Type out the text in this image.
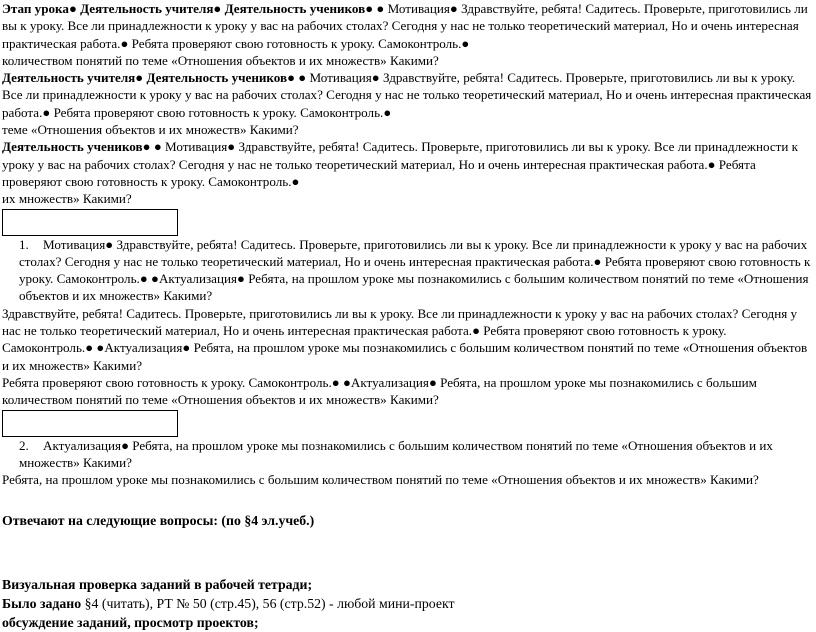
Этап урока● Деятельность учителя● Деятельность учеников● ● Мотивация● Здравствуйте, ребята! Садитесь. Проверьте, приготовились ли вы к уроку. Все ли принадлежности к уроку у вас на рабочих столах? Сегодня у нас не только теоретический материал, Но и очень интересная практическая работа.● Ребята проверяют свою готовность к уроку. Самоконтроль.●
количеством понятий по теме «Отношения объектов и их множеств» Какими?

Деятельность учителя● Деятельность учеников● ● Мотивация● Здравствуйте, ребята! Садитесь. Проверьте, приготовились ли вы к уроку. Все ли принадлежности к уроку у вас на рабочих столах? Сегодня у нас не только теоретический материал, Но и очень интересная практическая работа.● Ребята проверяют свою готовность к уроку. Самоконтроль.●
теме «Отношения объектов и их множеств» Какими?

Деятельность учеников● ● Мотивация● Здравствуйте, ребята! Садитесь. Проверьте, приготовились ли вы к уроку. Все ли принадлежности к уроку у вас на рабочих столах? Сегодня у нас не только теоретический материал, Но и очень интересная практическая работа.● Ребята проверяют свою готовность к уроку. Самоконтроль.●
их множеств» Какими?

1. Мотивация● Здравствуйте, ребята! Садитесь. Проверьте, приготовились ли вы к уроку. Все ли принадлежности к уроку у вас на рабочих столах? Сегодня у нас не только теоретический материал, Но и очень интересная практическая работа.● Ребята проверяют свою готовность к уроку. Самоконтроль.● ●Актуализация● Ребята, на прошлом уроке мы познакомились с большим количеством понятий по теме «Отношения объектов и их множеств» Какими?

Здравствуйте, ребята! Садитесь. Проверьте, приготовились ли вы к уроку. Все ли принадлежности к уроку у вас на рабочих столах? Сегодня у нас не только теоретический материал, Но и очень интересная практическая работа.● Ребята проверяют свою готовность к уроку.
Самоконтроль.● ●Актуализация● Ребята, на прошлом уроке мы познакомились с большим количеством понятий по теме «Отношения объектов и их множеств» Какими?

Ребята проверяют свою готовность к уроку. Самоконтроль.● ●Актуализация● Ребята, на прошлом уроке мы познакомились с большим количеством понятий по теме «Отношения объектов и их множеств» Какими?

2. Актуализация● Ребята, на прошлом уроке мы познакомились с большим количеством понятий по теме «Отношения объектов и их множеств» Какими?

Ребята, на прошлом уроке мы познакомились с большим количеством понятий по теме «Отношения объектов и их множеств» Какими?

Отвечают на следующие вопросы: (по §4 эл.учеб.)

Визуальная проверка заданий в рабочей тетради;

Было задано §4 (читать), РТ № 50 (стр.45), 56 (стр.52) - любой мини-проект

обсуждение заданий, просмотр проектов;
